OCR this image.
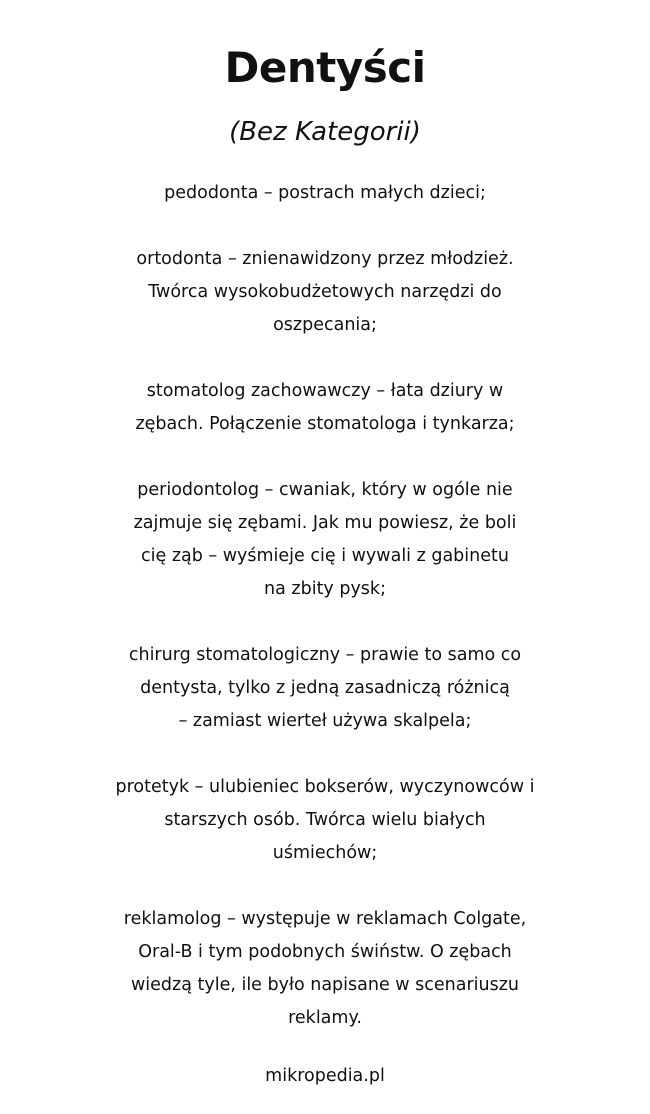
Dentyści
(Bez Kategorii)
pedodonta – postrach małych dzieci;
ortodonta – znienawidzony przez młodzież.
Twórca wysokobudżetowych narzędzi do
oszpecania;
stomatolog zachowawczy – łata dziury w
zębach. Połączenie stomatologa i tynkarza;
periodontolog – cwaniak, który w ogóle nie
zajmuje się zębami. Jak mu powiesz, że boli
cię ząb – wyśmieje cię i wywali z gabinetu
na zbity pysk;
chirurg stomatologiczny – prawie to samo co
dentysta, tylko z jedną zasadniczą różnicą
– zamiast wierteł używa skalpela;
protetyk – ulubieniec bokserów, wyczynowców i
starszych osób. Twórca wielu białych
uśmiechów;
reklamolog – występuje w reklamach Colgate,
Oral-B i tym podobnych świństw. O zębach
wiedzą tyle, ile było napisane w scenariuszu
reklamy.
mikropedia.pl
